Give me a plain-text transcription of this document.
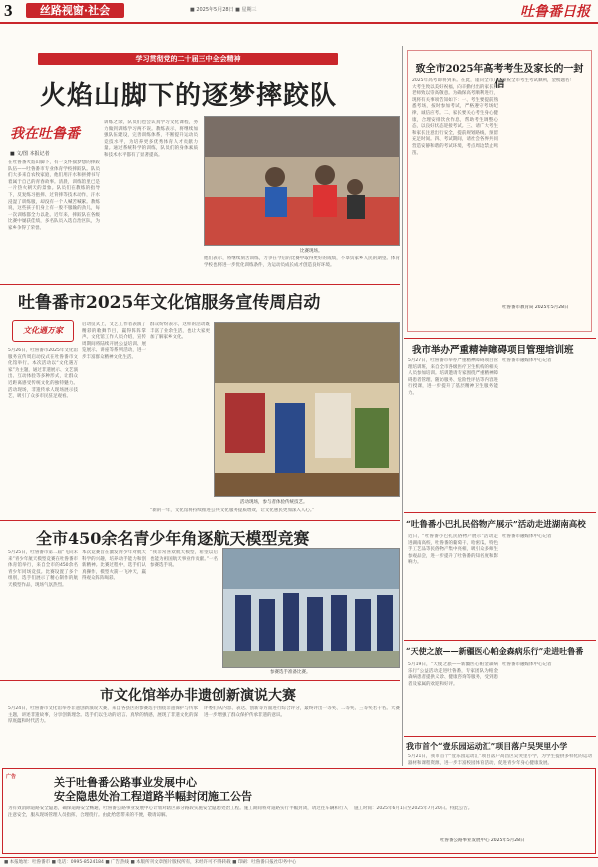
3	丝路视窗·社会	■ 2025年5月28日 ■ 星期三	吐鲁番日报
学习贯彻党的二十届三中全会精神
火焰山脚下的逐梦摔跤队
我在吐鲁番
■ 文/图 本报记者
在吐鲁番火焰山脚下，有一支怀揣梦想的摔跤队伍——吐鲁番市专业体育学校摔跤队。队员们大多来自农牧家庭，他们用汗水和拼搏书写着属于自己的青春故事。清晨，训练馆里已是一片热火朝天的景象。队员们在教练的指导下，反复练习抱摔、过背摔等技术动作，汗水浸湿了训练服，却没有一个人喊苦喊累。教练说，这些孩子们身上有一股不服输的劲儿，每一次训练都全力以赴。近年来，摔跤队在各级比赛中屡获佳绩，多名队员入选自治区队，为家乡争得了荣誉。
训练之余，队员们也会认真学习文化课程，努力做到训练学习两不误。教练表示，将继续加强队伍建设，完善训练体系，不断提升运动员竞技水平，为培养更多优秀体育人才贡献力量。通过系统科学的训练，队员们的身体素质和技术水平都有了显著提高。
比赛现场。
他们表示，将继续刻苦训练，力争在今后的比赛中取得更好的成绩，不辜负家乡人民的期望。体育学校也将进一步优化训练条件，为运动员成长成才创造良好环境。
致全市2025年高考考生及家长的一封信
2025年高考即将到来。在此，谨向全市广大考生致以美好祝福，向辛勤付出的家长和老师致以崇高敬意。为确保高考顺利进行，现将有关事项告知如下：一、考生要提前熟悉考场，按时参加考试，严格遵守考场纪律，诚信应考。二、家长要关心考生身心健康，合理安排饮食作息，帮助考生调整心态，以良好状态迎接考试。三、请广大考生和家长注意出行安全，提前规划路线，预留充足时间。四、考试期间，请社会各界共同营造安静和谐的考试环境，考点周边禁止鸣笛。
预祝全市考生考试顺利，金榜题名！
吐鲁番市教育局 2025年5月28日
吐鲁番市2025年文化馆服务宣传周启动
文化遇万家
5月26日，吐鲁番市2025年文化馆服务宣传周启动仪式在吐鲁番市文化馆举行。本次活动以“文化遇万家”为主题，通过非遗展示、文艺演出、互动体验等多种形式，让群众近距离感受传统文化的独特魅力。活动现场，非遗传承人现场展示技艺，吸引了众多市民驻足观看。
启动仪式上，文艺工作者表演了精彩的歌舞节目，赢得阵阵掌声。文化馆工作人员介绍，宣传周期间将陆续开展公益培训、展览展示、讲座等系列活动，进一步丰富群众精神文化生活。
群众纷纷表示，这样的活动既丰富了业余生活，也让大家更加了解家乡文化。
活动现场，参与者体验传统技艺。
“新的一年，文化馆将持续推进公共文化服务提质增效，让文化惠民更加深入人心。”
我市举办严重精神障碍项目管理培训班
5月27日，吐鲁番市举办严重精神障碍项目管理培训班，来自全市各级医疗卫生机构的相关人员参加培训。培训邀请专家围绕严重精神障碍患者管理、随访服务、危险性评估等内容进行授课，进一步提升了基层精神卫生服务能力。
吐鲁番市融媒体中心记者
“吐鲁番小巴扎民俗物产展示”活动走进湖南高校
近日，“吐鲁番小巴扎民俗物产展示”活动走进湖南高校，吐鲁番的葡萄干、哈密瓜、特色手工艺品等民俗物产集中亮相，吸引众多师生参观品尝，进一步提升了吐鲁番的知名度和影响力。
吐鲁番市融媒体中心记者
“天使之旅——新疆医心帕金森病乐行”走进吐鲁番
5月19日，“天使之旅——新疆医心帕金森病乐行”公益活动走进吐鲁番，专家团队为帕金森病患者提供义诊、健康咨询等服务，受到患者及家属的欢迎和好评。
吐鲁番市融媒体中心记者
我市首个“壹乐园运动汇”项目落户吴哭里小学
5月21日，我市首个“壹乐园运动汇”项目落户高昌区吴哭里小学，为学生提供多样化的运动器材和课程资源，进一步丰富校园体育活动，促进青少年身心健康发展。
全市450余名青少年角逐航天模型竞赛
5月25日，吐鲁番市第二届“飞向未来”青少年航天模型竞赛在吐鲁番市体育馆举行，来自全市的450余名青少年同场竞技。比赛设置了多个组别，选手们展示了精心制作的航天模型作品，现场气氛热烈。
本次竞赛旨在激发青少年对航天科学的兴趣，培养动手能力和创新精神。比赛过程中，选手们认真操作，模型火箭一飞冲天，赢得观众阵阵喝彩。
“我非常喜欢航天模型，希望以后也能为祖国航天事业作贡献。”一名参赛选手说。
参赛选手准备比赛。
市文化馆举办非遗创新演说大赛
5月24日，吐鲁番市文化馆举办非遗创新演说大赛，来自各县区的参赛选手围绕非遗保护与传承主题，讲述非遗故事，分享创新理念。选手们以生动的语言、真挚的情感，展现了非遗文化的深厚底蕴和时代活力。
评委们从内容、表达、创新等方面进行综合评分，最终评出一等奖、二等奖、三等奖若干名。大赛进一步增强了群众保护传承非遗的意识。
广告	关于吐鲁番公路事业发展中心
安全隐患处治工程道路半幅封闭施工公告
为有效消除道路安全隐患，确保道路安全畅通，吐鲁番公路事业发展中心计划对辖区部分路段实施安全隐患处治工程。施工期间将对道路实行半幅封闭，请过往车辆和行人注意安全，服从现场管理人员指挥，合理绕行。由此给您带来的不便，敬请谅解。
施工时间：2025年6月1日至2025年7月20日。特此公告。
吐鲁番公路事业发展中心 2025年5月28日
■ 本报地址：吐鲁番市 ■ 电话：0995-8524184 ■ 广告热线 ■ 本版所刊文章图片版权所有，未经许可不得转载 ■ 印刷：吐鲁番日报社印务中心
